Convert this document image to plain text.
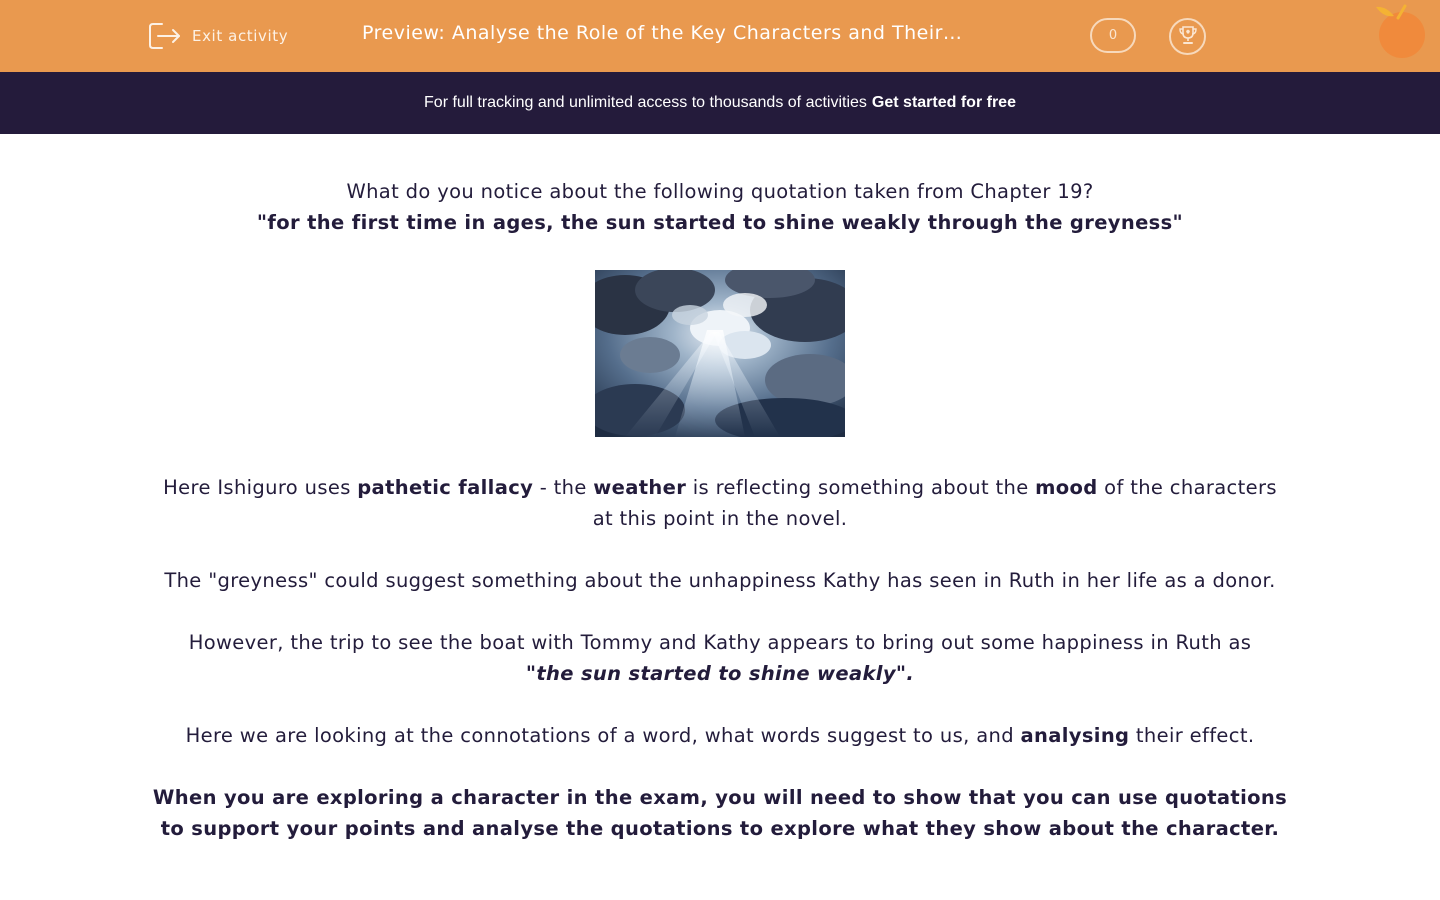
Exit activity	Preview: Analyse the Role of the Key Characters and Their…	0
For full tracking and unlimited access to thousands of activities Get started for free

What do you notice about the following quotation taken from Chapter 19?

"for the first time in ages, the sun started to shine weakly through the greyness"

Here Ishiguro uses pathetic fallacy - the weather is reflecting something about the mood of the characters at this point in the novel.

The "greyness" could suggest something about the unhappiness Kathy has seen in Ruth in her life as a donor.

However, the trip to see the boat with Tommy and Kathy appears to bring out some happiness in Ruth as
"the sun started to shine weakly".

Here we are looking at the connotations of a word, what words suggest to us, and analysing their effect.

When you are exploring a character in the exam, you will need to show that you can use quotations to support your points and analyse the quotations to explore what they show about the character.
